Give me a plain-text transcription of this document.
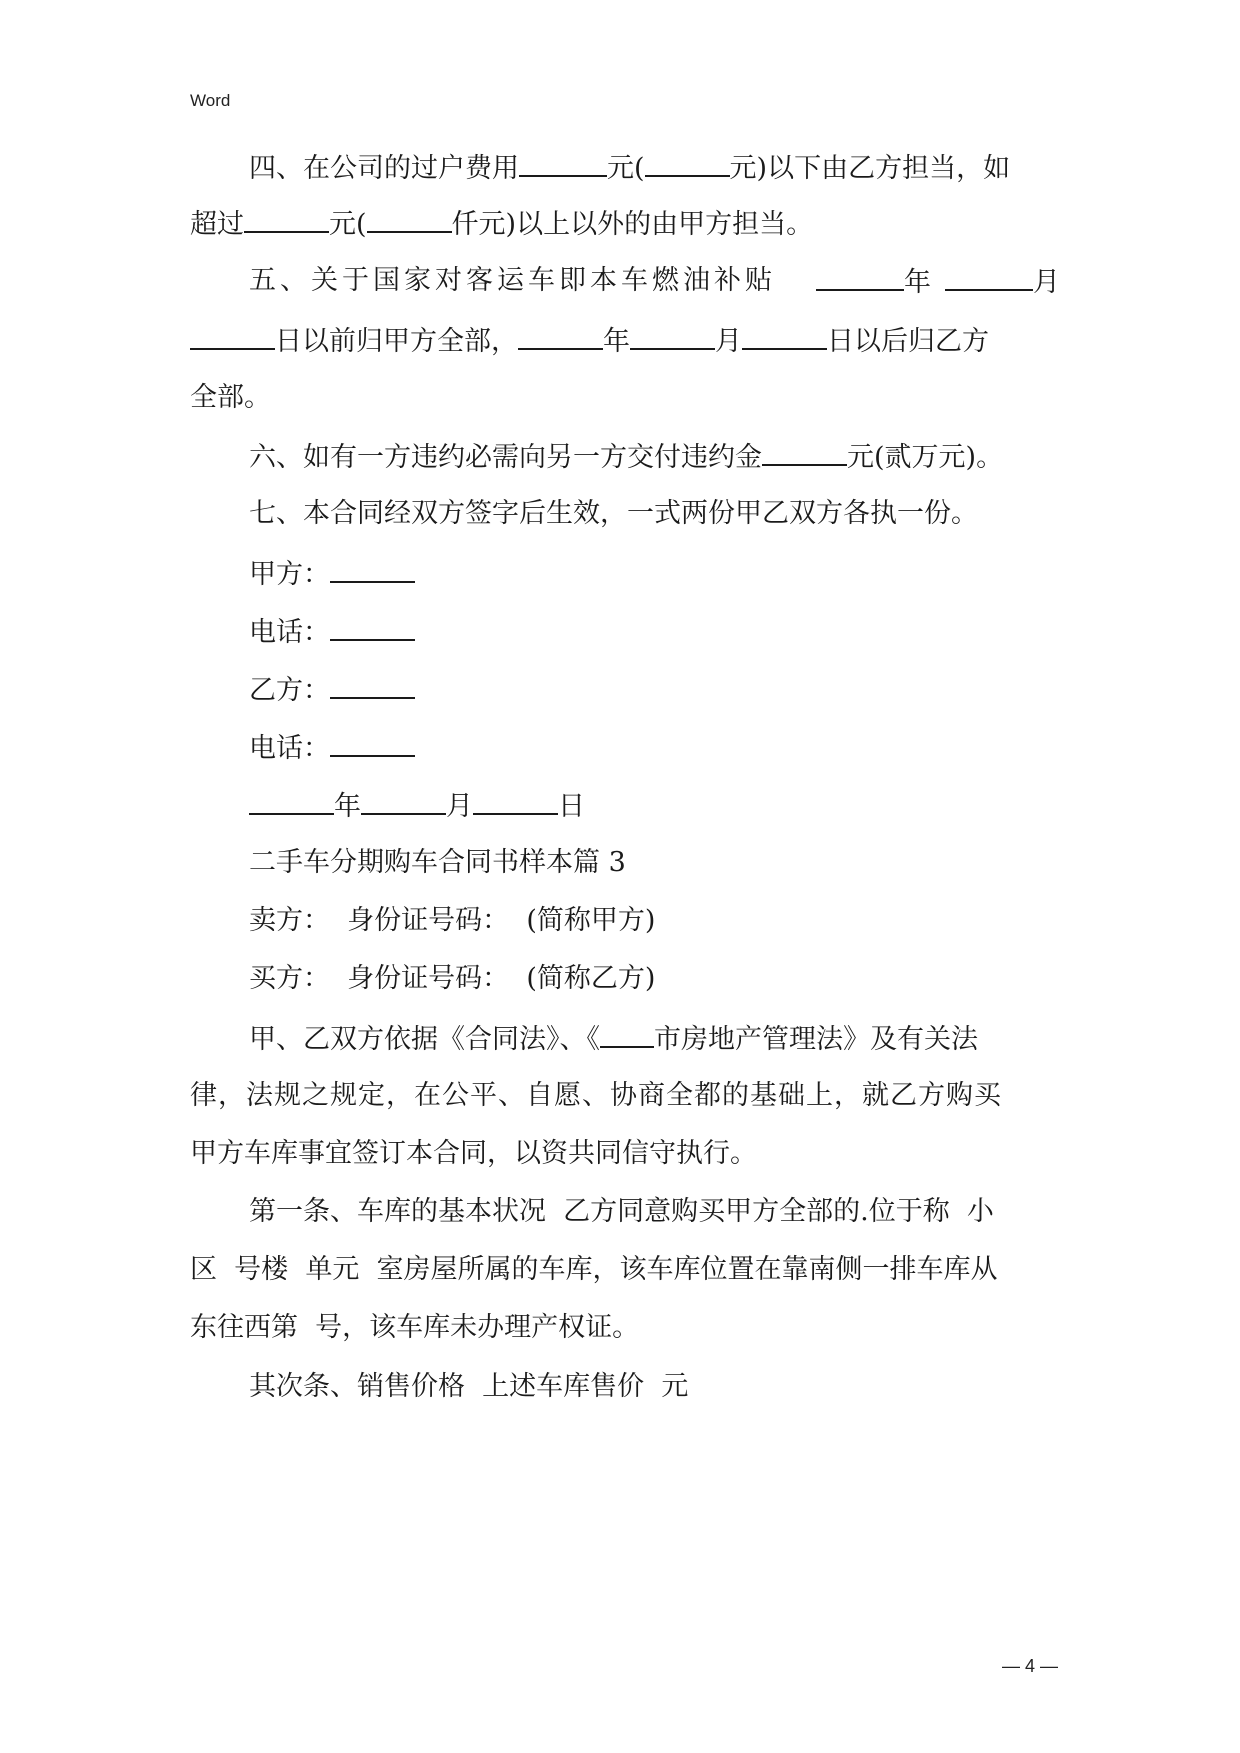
Word
四、在公司的过户费用	元(	元)以下由乙方担当，如
超过	元(	仟元)以上以外的由甲方担当。
五、关于国家对客运车即本车燃油补贴	年	月
日以前归甲方全部，	年	月	日以后归乙方
全部。
六、如有一方违约必需向另一方交付违约金	元(贰万元)。
七、本合同经双方签字后生效，一式两份甲乙双方各执一份。
甲方：
电话：
乙方：
电话：
年	月	日
二手车分期购车合同书样本篇 3
卖方：  身份证号码：  (简称甲方)
买方：  身份证号码：  (简称乙方)
甲、乙双方依据《合同法》、《 市房地产管理法》及有关法
律，法规之规定，在公平、自愿、协商全都的基础上，就乙方购买
甲方车库事宜签订本合同，以资共同信守执行。
第一条、车库的基本状况  乙方同意购买甲方全部的.位于称  小
区  号楼  单元  室房屋所属的车库，该车库位置在靠南侧一排车库从
东往西第  号，该车库未办理产权证。
其次条、销售价格  上述车库售价  元
— 4 —
